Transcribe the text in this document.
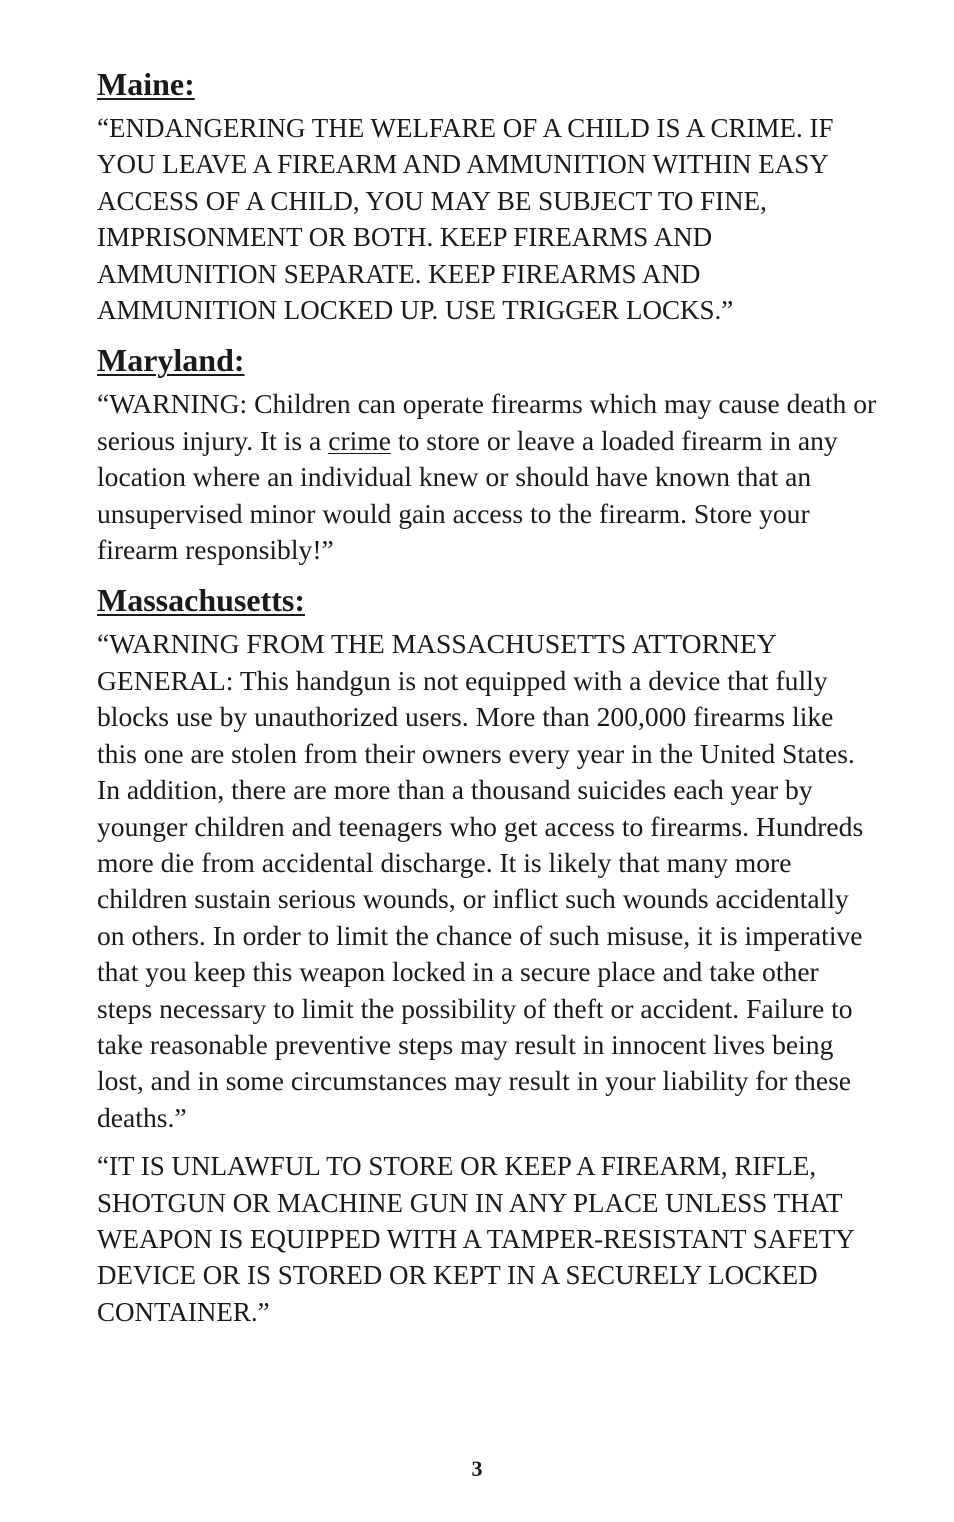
Maine:

“ENDANGERING THE WELFARE OF A CHILD IS A CRIME. IF YOU LEAVE A FIREARM AND AMMUNITION WITHIN EASY ACCESS OF A CHILD, YOU MAY BE SUBJECT TO FINE, IMPRISONMENT OR BOTH. KEEP FIREARMS AND AMMUNITION SEPARATE. KEEP FIREARMS AND AMMUNITION LOCKED UP. USE TRIGGER LOCKS.”

Maryland:

“WARNING: Children can operate firearms which may cause death or serious injury. It is a crime to store or leave a loaded firearm in any location where an individual knew or should have known that an unsupervised minor would gain access to the firearm. Store your firearm responsibly!”

Massachusetts:

“WARNING FROM THE MASSACHUSETTS ATTORNEY GENERAL: This handgun is not equipped with a device that fully blocks use by unauthorized users. More than 200,000 firearms like this one are stolen from their owners every year in the United States. In addition, there are more than a thousand suicides each year by younger children and teenagers who get access to firearms. Hundreds more die from accidental discharge. It is likely that many more children sustain serious wounds, or inflict such wounds accidentally on others. In order to limit the chance of such misuse, it is imperative that you keep this weapon locked in a secure place and take other steps necessary to limit the possibility of theft or accident. Failure to take reasonable preventive steps may result in innocent lives being lost, and in some circumstances may result in your liability for these deaths.”

“IT IS UNLAWFUL TO STORE OR KEEP A FIREARM, RIFLE, SHOTGUN OR MACHINE GUN IN ANY PLACE UNLESS THAT WEAPON IS EQUIPPED WITH A TAMPER-RESISTANT SAFETY DEVICE OR IS STORED OR KEPT IN A SECURELY LOCKED CONTAINER.”

3
